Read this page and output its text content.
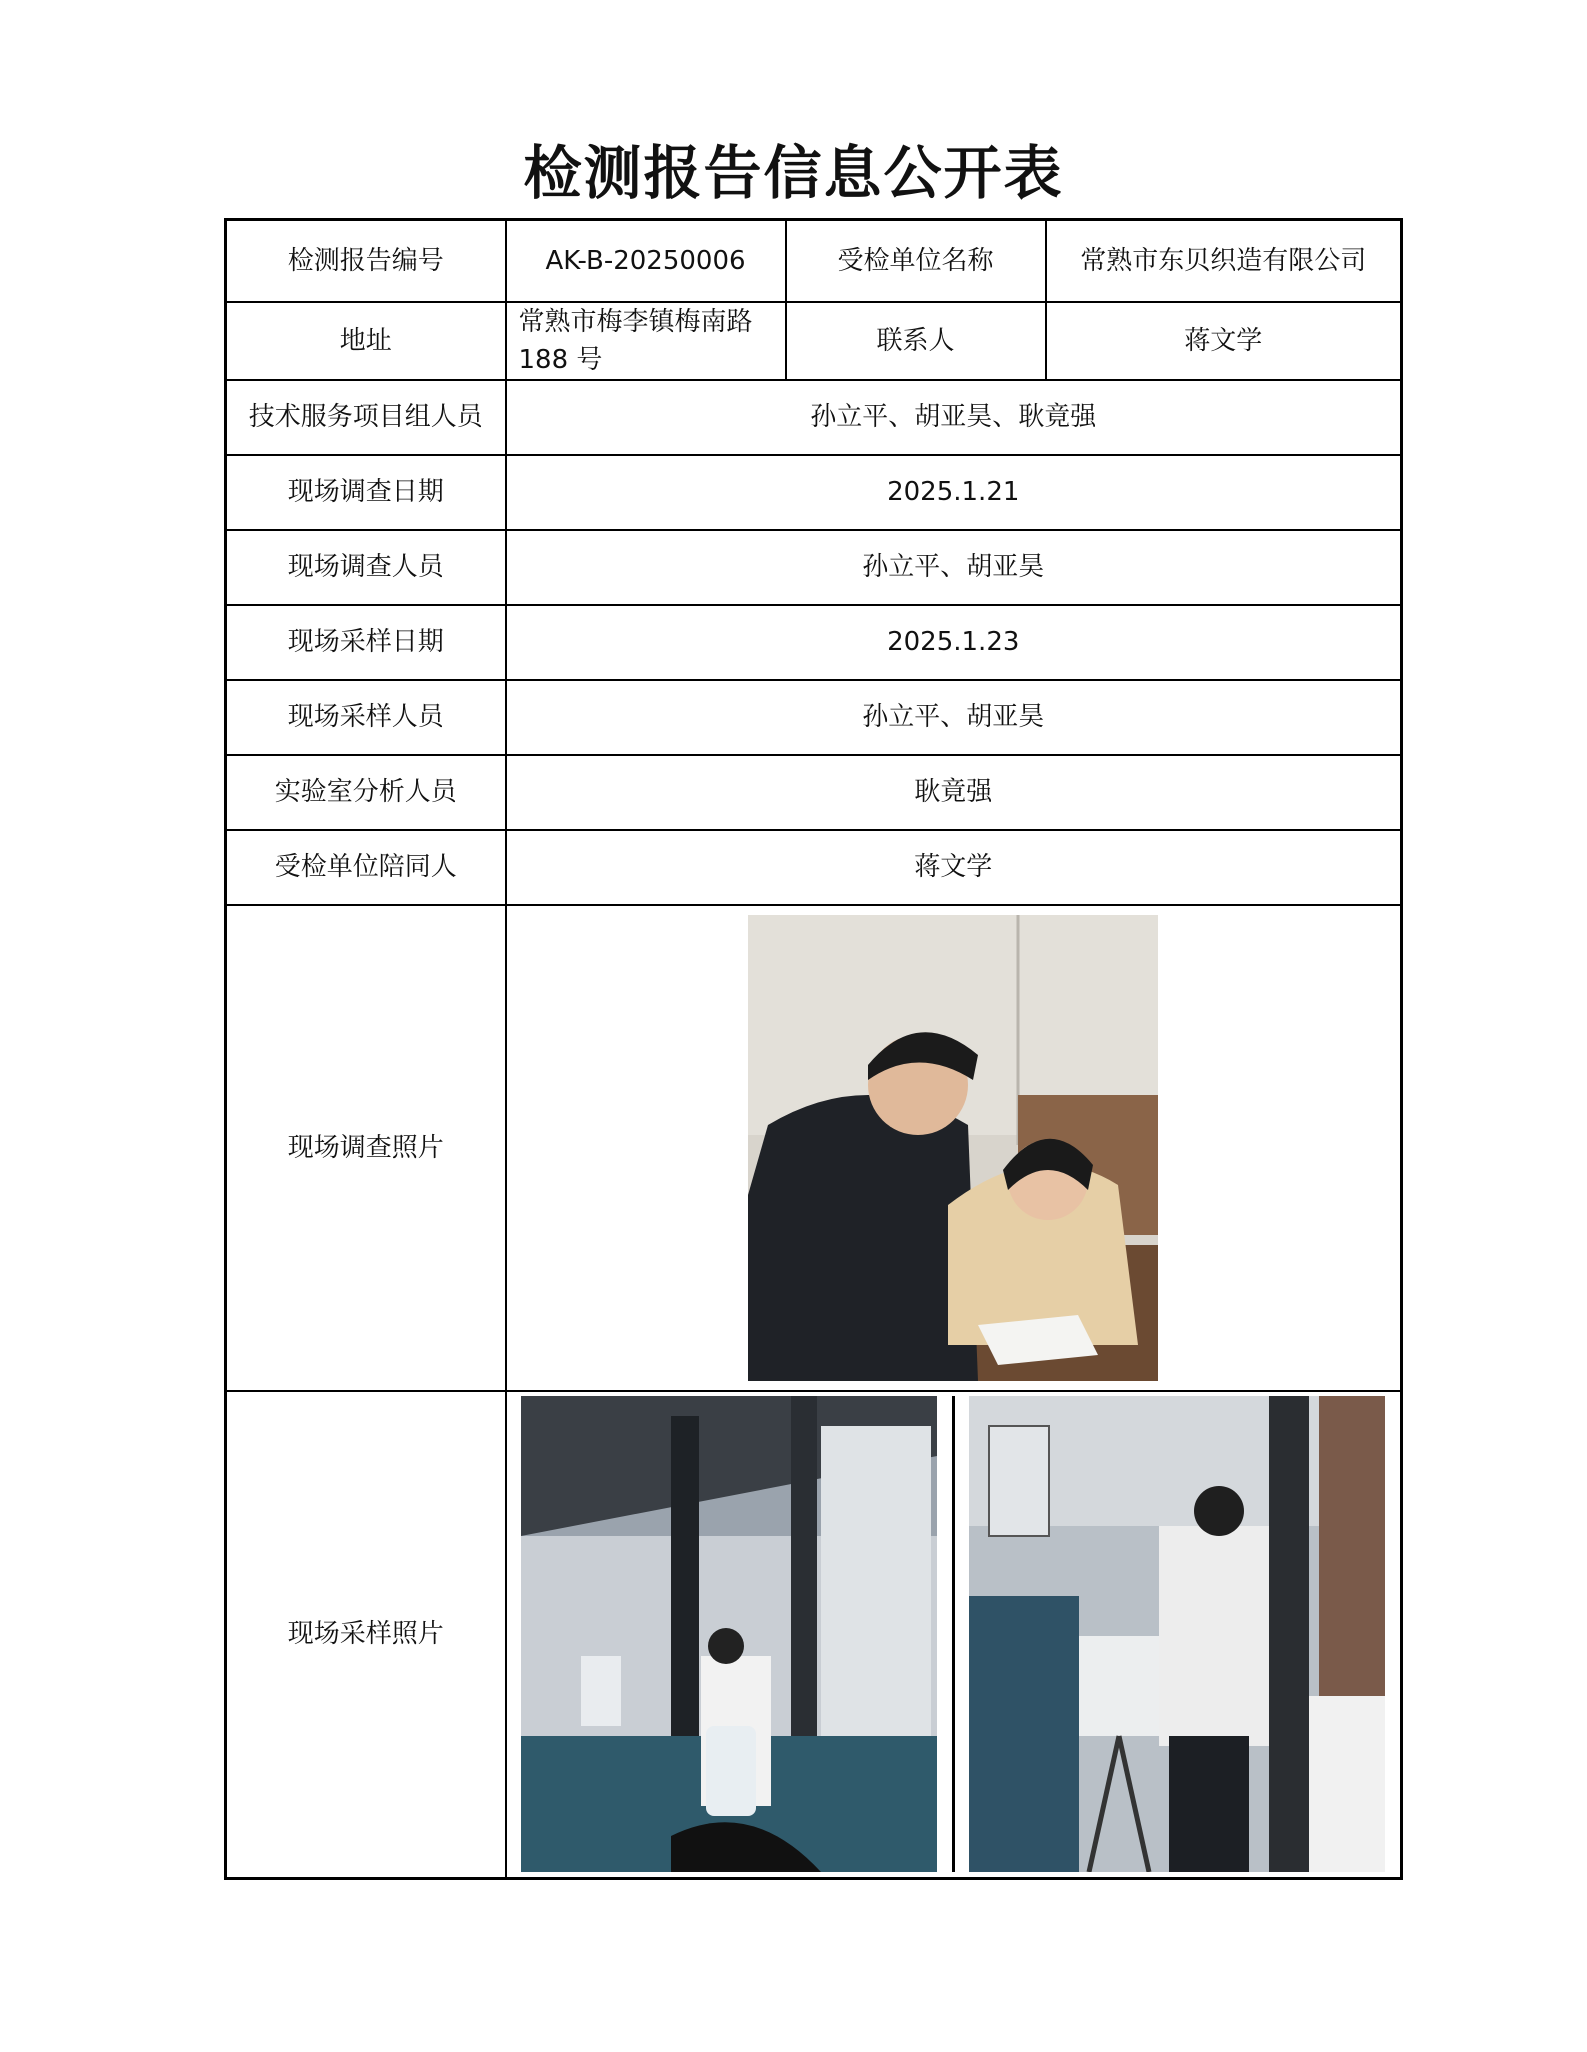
检测报告信息公开表
检测报告编号	AK-B-20250006	受检单位名称	常熟市东贝织造有限公司
地址	常熟市梅李镇梅南路 188 号	联系人	蒋文学
技术服务项目组人员	孙立平、胡亚昊、耿竟强		
现场调查日期	2025.1.21		
现场调查人员	孙立平、胡亚昊		
现场采样日期	2025.1.23		
现场采样人员	孙立平、胡亚昊		
实验室分析人员	耿竟强		
受检单位陪同人	蒋文学		
现场调查照片	

现场采样照片	
